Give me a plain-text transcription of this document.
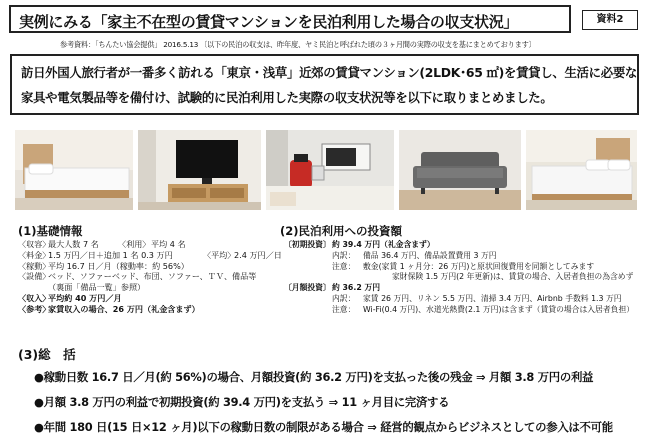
実例にみる「家主不在型の賃貸マンションを民泊利用した場合の収支状況」	資料2
参考資料：「ちんたい協会提供」 2016.5.13 〔以下の民泊の収支は、昨年度、ヤミ民泊と呼ばれた頃の３ヶ月間の実際の収支を基にまとめております〕
訪日外国人旅行者が一番多く訪れる「東京・浅草」近郊の賃貸マンション(2LDK･65 ㎡)を賃貸し、生活に必要な
家具や電気製品等を備付け、試験的に民泊利用した実際の収支状況等を以下に取りまとめました。
(1)基礎情報
〈収容〉
最大人数 7 名 〈利用〉 平均 4 名
〈料金〉
1.5 万円／日＋追加 1 名 0.3 万円	〈平均〉
2.4 万円／日
〈稼動〉
平均 16.7 日／月（稼動率：約 56%）
〈設備〉
ベッド、ソファーベッド、布団、ソファー、ＴＶ、備品等
（裏面「備品一覧」参照）
〈収入〉
平均約 40 万円／月
〈参考〉
家賃収入の場合、26 万円（礼金含まず）
(2)民泊利用への投資額
〔初期投資〕 約 39.4 万円（礼金含まず）
内訳： 備品 36.4 万円、備品設置費用 3 万円
注意： 敷金(家賃 1 ヶ月分：26 万円)と原状回復費用を同額としてみます
家財保険 1.5 万円(2 年更新)は、賃貸の場合、入居者負担の為含めず
〔月額投資〕 約 36.2 万円
内訳： 家賃 26 万円、リネン 5.5 万円、清掃 3.4 万円、Airbnb 手数料 1.3 万円
注意： Wi-Fi(0.4 万円)、水道光熱費(2.1 万円)は含まず（賃貸の場合は入居者負担）
(3)総　括
●稼動日数 16.7 日／月(約 56%)の場合、月額投資(約 36.2 万円)を支払った後の残金 ⇒ 月額 3.8 万円の利益
●月額 3.8 万円の利益で初期投資(約 39.4 万円)を支払う ⇒ 11 ヶ月目に完済する
●年間 180 日(15 日×12 ヶ月)以下の稼動日数の制限がある場合 ⇒ 経営的観点からビジネスとしての参入は不可能
